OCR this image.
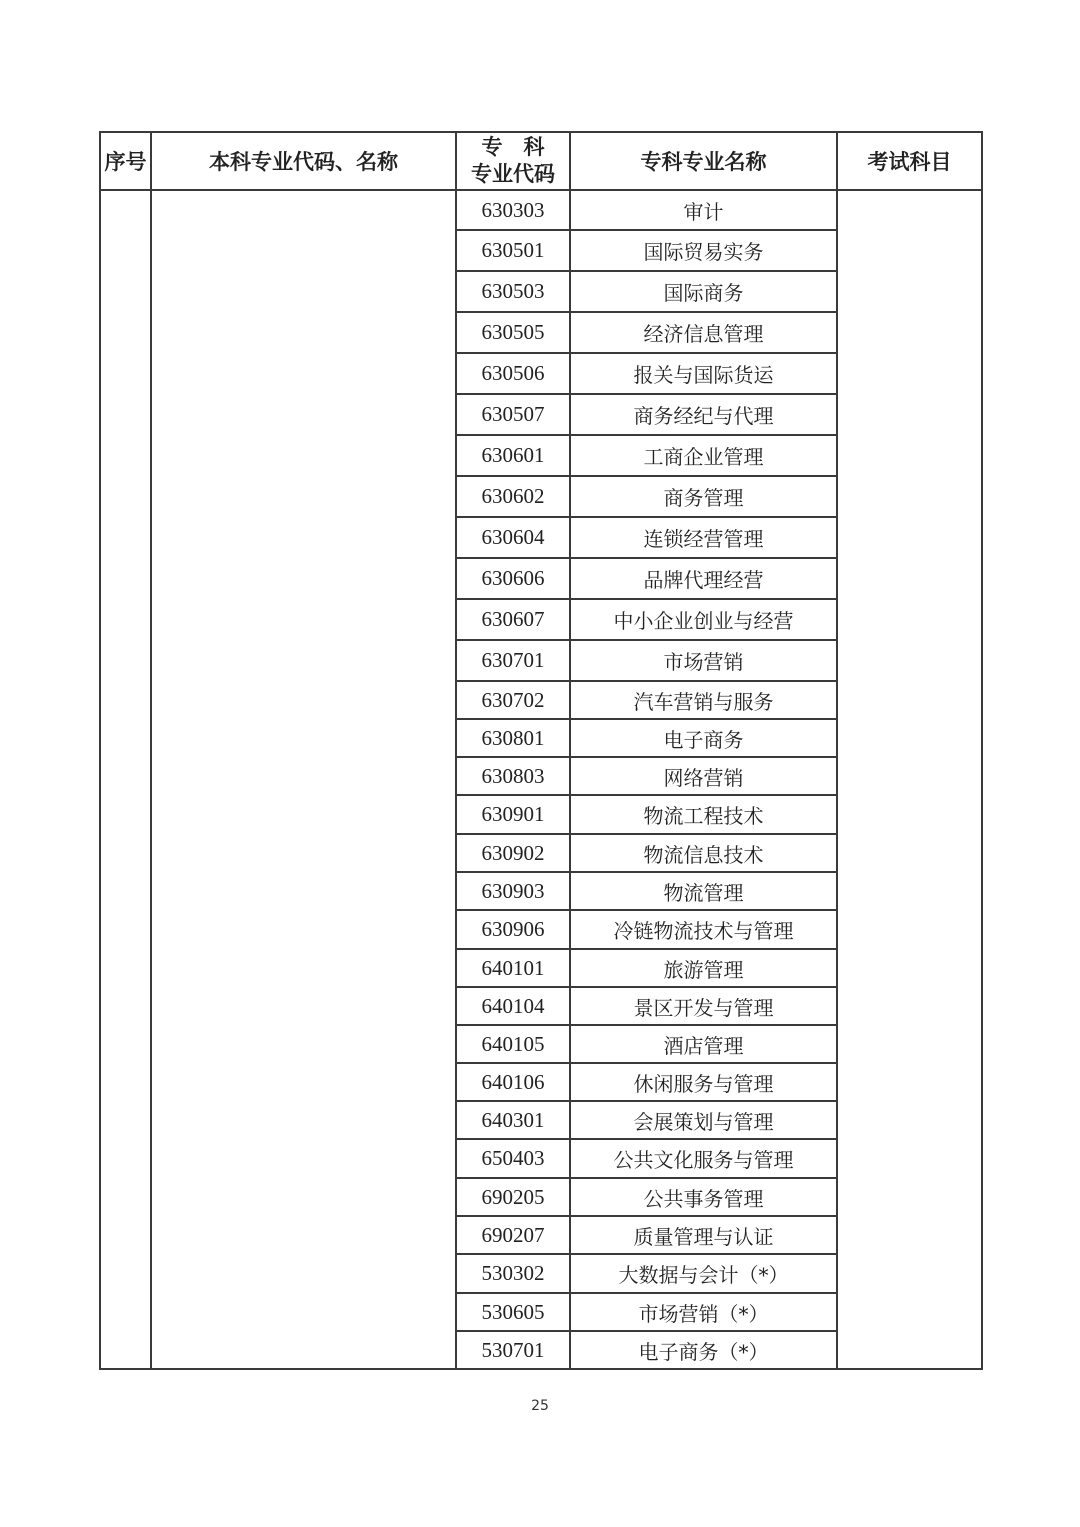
序号	本科专业代码、名称	专　科
专业代码	专科专业名称	考试科目
		630303	审计	
		630501	国际贸易实务	
		630503	国际商务	
		630505	经济信息管理	
		630506	报关与国际货运	
		630507	商务经纪与代理	
		630601	工商企业管理	
		630602	商务管理	
		630604	连锁经营管理	
		630606	品牌代理经营	
		630607	中小企业创业与经营	
		630701	市场营销	
		630702	汽车营销与服务	
		630801	电子商务	
		630803	网络营销	
		630901	物流工程技术	
		630902	物流信息技术	
		630903	物流管理	
		630906	冷链物流技术与管理	
		640101	旅游管理	
		640104	景区开发与管理	
		640105	酒店管理	
		640106	休闲服务与管理	
		640301	会展策划与管理	
		650403	公共文化服务与管理	
		690205	公共事务管理	
		690207	质量管理与认证	
		530302	大数据与会计（*）	
		530605	市场营销（*）	
		530701	电子商务（*）	
25
